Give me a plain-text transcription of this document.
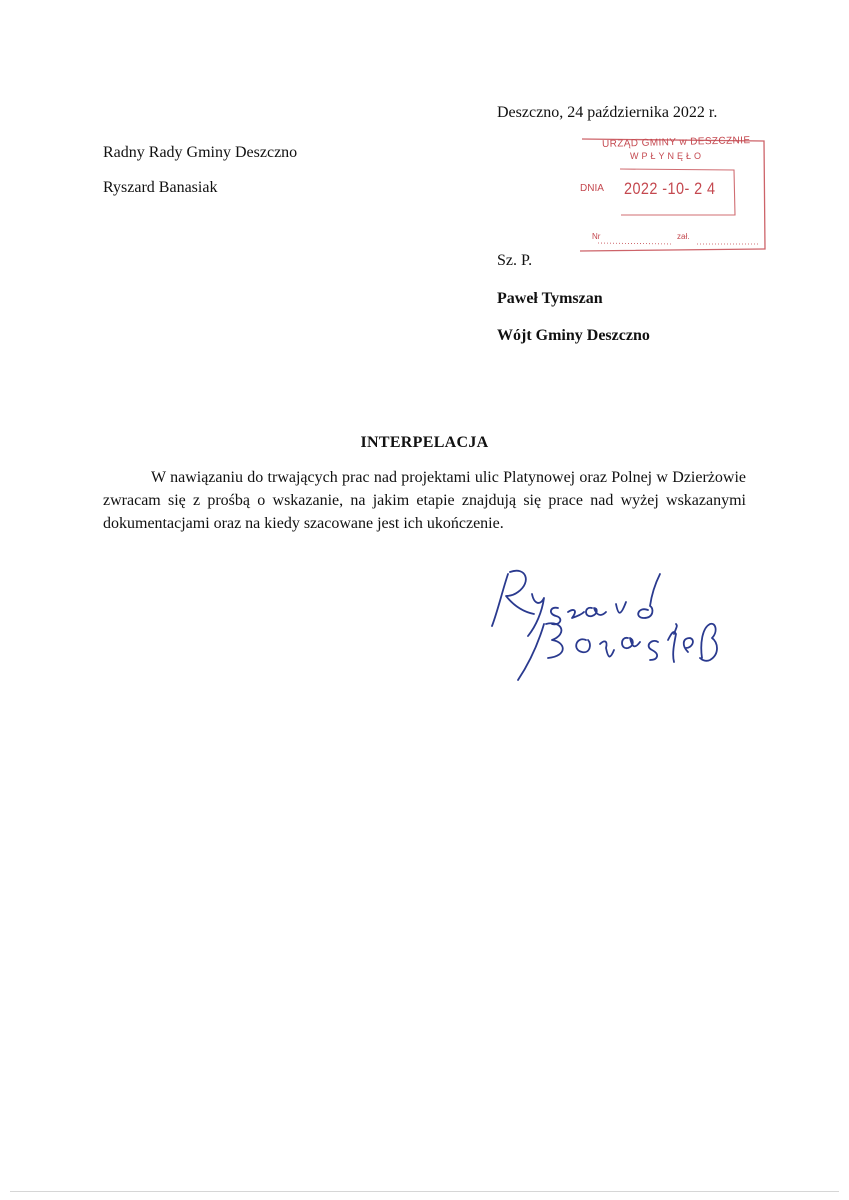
Deszczno, 24 października 2022 r.
Radny Rady Gminy Deszczno
Ryszard Banasiak
URZĄD GMINY w DESZCZNIE
WPŁYNĘŁO
DNIA 2022 -10- 2 4
Nr	zał.
Sz. P.
Paweł Tymszan
Wójt Gminy Deszczno
INTERPELACJA
W nawiązaniu do trwających prac nad projektami ulic Platynowej oraz Polnej w Dzierżowie zwracam się z prośbą o wskazanie, na jakim etapie znajdują się prace nad wyżej wskazanymi dokumentacjami oraz na kiedy szacowane jest ich ukończenie.
